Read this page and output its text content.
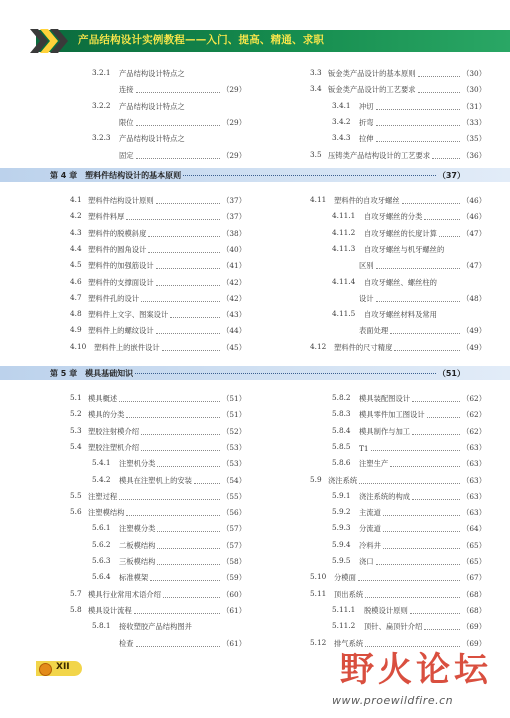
产品结构设计实例教程——入门、提高、精通、求职
3.2.1 产品结构设计特点之
连接	（29）
3.2.2 产品结构设计特点之
限位	（29）
3.2.3 产品结构设计特点之
固定	（29）
3.3 钣金类产品设计的基本原则	（30）
3.4 钣金类产品设计的工艺要求	（30）
3.4.1 冲切	（31）
3.4.2 折弯	（33）
3.4.3 拉伸	（35）
3.5 压铸类产品结构设计的工艺要求	（36）
第 4 章 塑料件结构设计的基本原则	（37）
4.1 塑料件结构设计原则	（37）
4.2 塑料件料厚	（37）
4.3 塑料件的脱模斜度	（38）
4.4 塑料件的圆角设计	（40）
4.5 塑料件的加强筋设计	（41）
4.6 塑料件的支撑面设计	（42）
4.7 塑料件孔的设计	（42）
4.8 塑料件上文字、图案设计	（43）
4.9 塑料件上的螺纹设计	（44）
4.10 塑料件上的嵌件设计	（45）
4.11 塑料件的自攻牙螺丝	（46）
4.11.1 自攻牙螺丝的分类	（46）
4.11.2 自攻牙螺丝的长度计算	（47）
4.11.3 自攻牙螺丝与机牙螺丝的
区别	（47）
4.11.4 自攻牙螺丝、螺丝柱的
设计	（48）
4.11.5 自攻牙螺丝材料及常用
表面处理	（49）
4.12 塑料件的尺寸精度	（49）
第 5 章 模具基础知识	（51）
5.1 模具概述	（51）
5.2 模具的分类	（51）
5.3 塑胶注射模介绍	（52）
5.4 塑胶注塑机介绍	（53）
5.4.1 注塑机分类	（53）
5.4.2 模具在注塑机上的安装	（54）
5.5 注塑过程	（55）
5.6 注塑模结构	（56）
5.6.1 注塑模分类	（57）
5.6.2 二板模结构	（57）
5.6.3 三板模结构	（58）
5.6.4 标准模架	（59）
5.7 模具行业常用术语介绍	（60）
5.8 模具设计流程	（61）
5.8.1 接收塑胶产品结构图并
检查	（61）
5.8.2 模具装配图设计	（62）
5.8.3 模具零件加工图设计	（62）
5.8.4 模具制作与加工	（62）
5.8.5 T1	（63）
5.8.6 注塑生产	（63）
5.9 浇注系统	（63）
5.9.1 浇注系统的构成	（63）
5.9.2 主流道	（63）
5.9.3 分流道	（64）
5.9.4 冷料井	（65）
5.9.5 浇口	（65）
5.10 分模面	（67）
5.11 顶出系统	（68）
5.11.1 脱模设计原则	（68）
5.11.2 顶针、扁顶针介绍	（69）
5.12 排气系统	（69）
XII	野火论坛
www.proewildfire.cn
